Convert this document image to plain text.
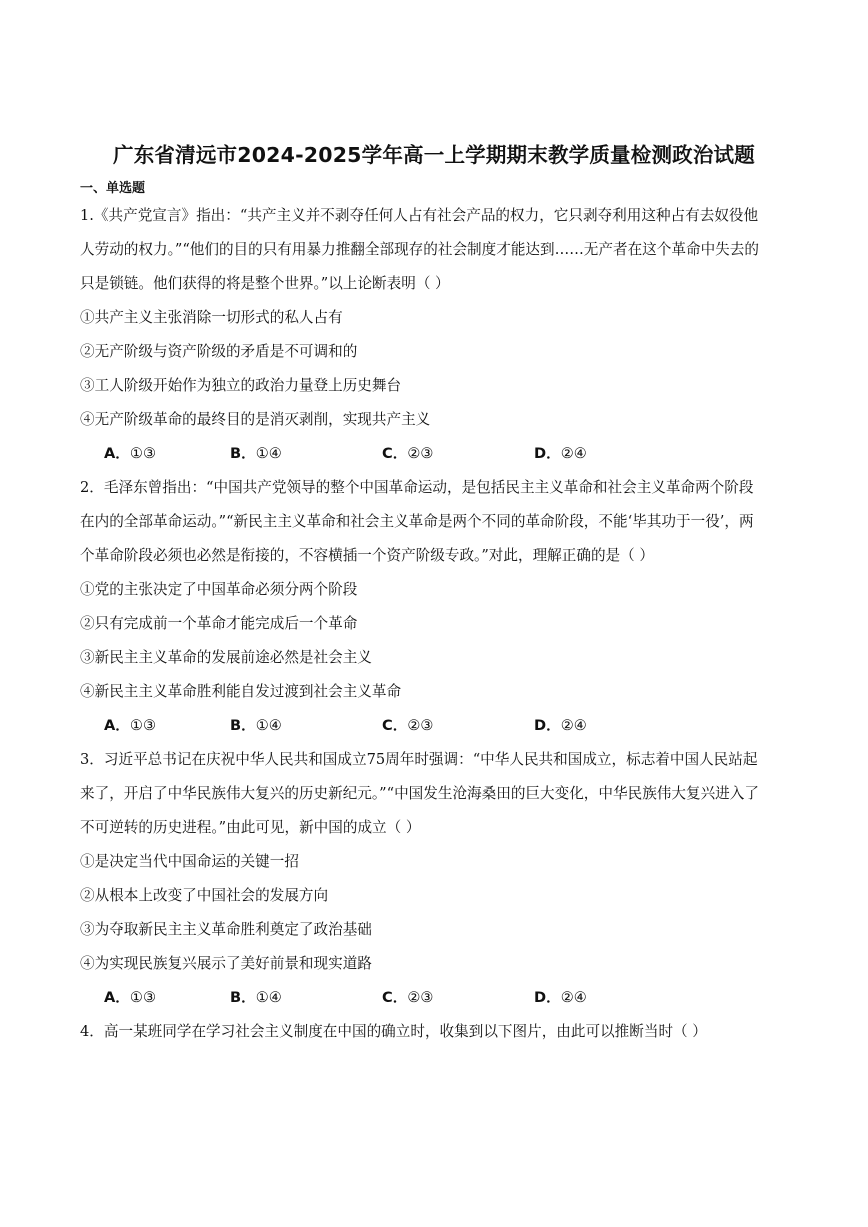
广东省清远市2024-2025学年高一上学期期末教学质量检测政治试题
一、单选题
1.《共产党宣言》指出：“共产主义并不剥夺任何人占有社会产品的权力，它只剥夺利用这种占有去奴役他
人劳动的权力。”“他们的目的只有用暴力推翻全部现存的社会制度才能达到……无产者在这个革命中失去的
只是锁链。他们获得的将是整个世界。”以上论断表明（ ）
①共产主义主张消除一切形式的私人占有
②无产阶级与资产阶级的矛盾是不可调和的
③工人阶级开始作为独立的政治力量登上历史舞台
④无产阶级革命的最终目的是消灭剥削，实现共产主义
A．①③	B．①④	C．②③	D．②④
2．毛泽东曾指出：“中国共产党领导的整个中国革命运动，是包括民主主义革命和社会主义革命两个阶段
在内的全部革命运动。”“新民主主义革命和社会主义革命是两个不同的革命阶段，不能‘毕其功于一役’，两
个革命阶段必须也必然是衔接的，不容横插一个资产阶级专政。”对此，理解正确的是（ ）
①党的主张决定了中国革命必须分两个阶段
②只有完成前一个革命才能完成后一个革命
③新民主主义革命的发展前途必然是社会主义
④新民主主义革命胜利能自发过渡到社会主义革命
A．①③	B．①④	C．②③	D．②④
3．习近平总书记在庆祝中华人民共和国成立75周年时强调：“中华人民共和国成立，标志着中国人民站起
来了，开启了中华民族伟大复兴的历史新纪元。”“中国发生沧海桑田的巨大变化，中华民族伟大复兴进入了
不可逆转的历史进程。”由此可见，新中国的成立（ ）
①是决定当代中国命运的关键一招
②从根本上改变了中国社会的发展方向
③为夺取新民主主义革命胜利奠定了政治基础
④为实现民族复兴展示了美好前景和现实道路
A．①③	B．①④	C．②③	D．②④
4．高一某班同学在学习社会主义制度在中国的确立时，收集到以下图片，由此可以推断当时（ ）
